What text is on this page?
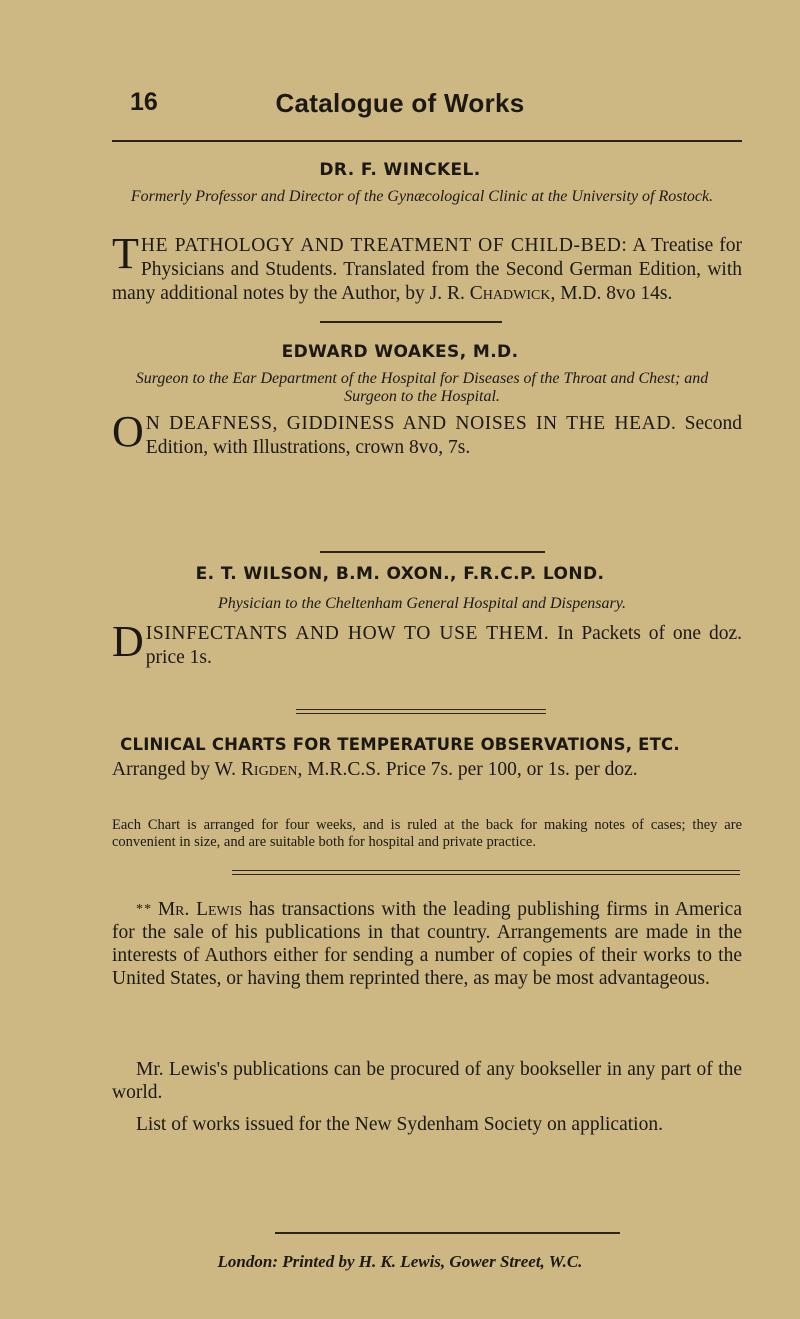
16	Catalogue of Works
DR. F. WINCKEL.
Formerly Professor and Director of the Gynæcological Clinic at the University of Rostock.
THE PATHOLOGY AND TREATMENT OF CHILD-BED: A Treatise for Physicians and Students. Translated from the Second German Edition, with many additional notes by the Author, by J. R. Chadwick, M.D. 8vo 14s.
EDWARD WOAKES, M.D.
Surgeon to the Ear Department of the Hospital for Diseases of the Throat and Chest; and Surgeon to the Hospital.
O N DEAFNESS, GIDDINESS AND NOISES IN THE HEAD. Second Edition, with Illustrations, crown 8vo, 7s.
E. T. WILSON, B.M. OXON., F.R.C.P. LOND.
Physician to the Cheltenham General Hospital and Dispensary.
DISINFECTANTS AND HOW TO USE THEM. In Packets of one doz. price 1s.
CLINICAL CHARTS FOR TEMPERATURE OBSERVATIONS, ETC.
Arranged by W. Rigden, M.R.C.S. Price 7s. per 100, or 1s. per doz.
Each Chart is arranged for four weeks, and is ruled at the back for making notes of cases; they are convenient in size, and are suitable both for hospital and private practice.
* * Mr. Lewis has transactions with the leading publishing firms in America for the sale of his publications in that country. Arrangements are made in the interests of Authors either for sending a number of copies of their works to the United States, or having them reprinted there, as may be most advantageous.
Mr. Lewis's publications can be procured of any bookseller in any part of the world.
List of works issued for the New Sydenham Society on application.
London: Printed by H. K. Lewis, Gower Street, W.C.
